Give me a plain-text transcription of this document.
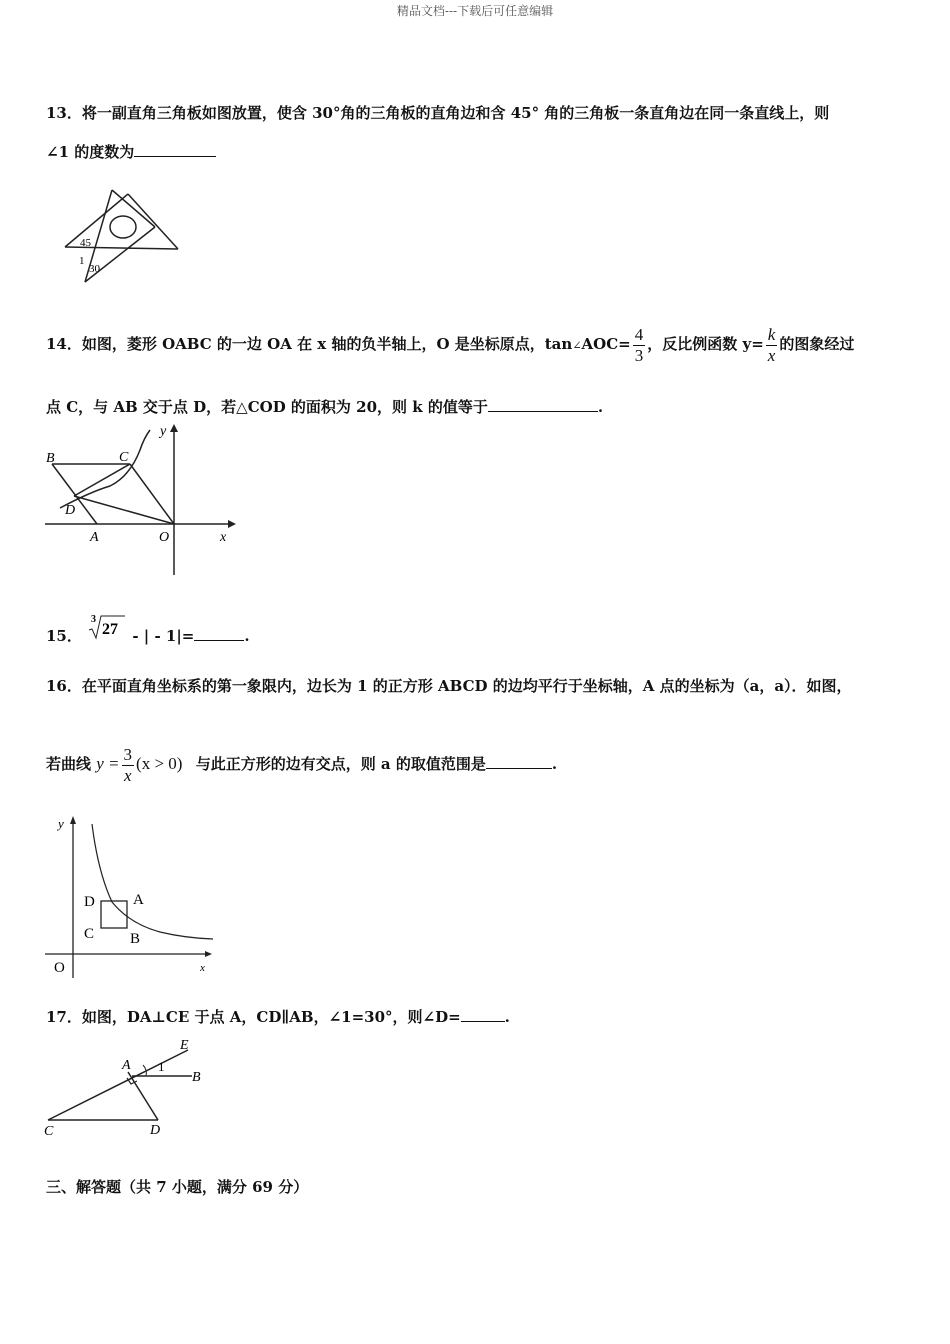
精品文档---下载后可任意编辑
13．将一副直角三角板如图放置，使含 30°角的三角板的直角边和含 45° 角的三角板一条直角边在同一条直线上，则
∠1 的度数为
45
1
30
14．如图，菱形 OABC 的一边 OA 在 x 轴的负半轴上，O 是坐标原点，tan∠AOC= $\frac{4}{3}$ ，反比例函数 $y= \frac{k}{x}$ 的图象经过
点 C，与 AB 交于点 D，若△COD 的面积为 20，则 k 的值等于	.
B	C
D
A	O	x
y
15．
3
27 - | - 1|=	.
16．在平面直角坐标系的第一象限内，边长为 1 的正方形 ABCD 的边均平行于坐标轴，A 点的坐标为（a，a）．如图，
若曲线 $y = \frac{3}{x} (x > 0)$ 与此正方形的边有交点，则 a 的取值范围是	.
y
x
O
A
B
C
D
17．如图，DA⊥CE 于点 A，CD∥AB，∠1=30°，则∠D=	.
E
A 1
B
C	D
三、解答题（共 7 小题，满分 69 分）
